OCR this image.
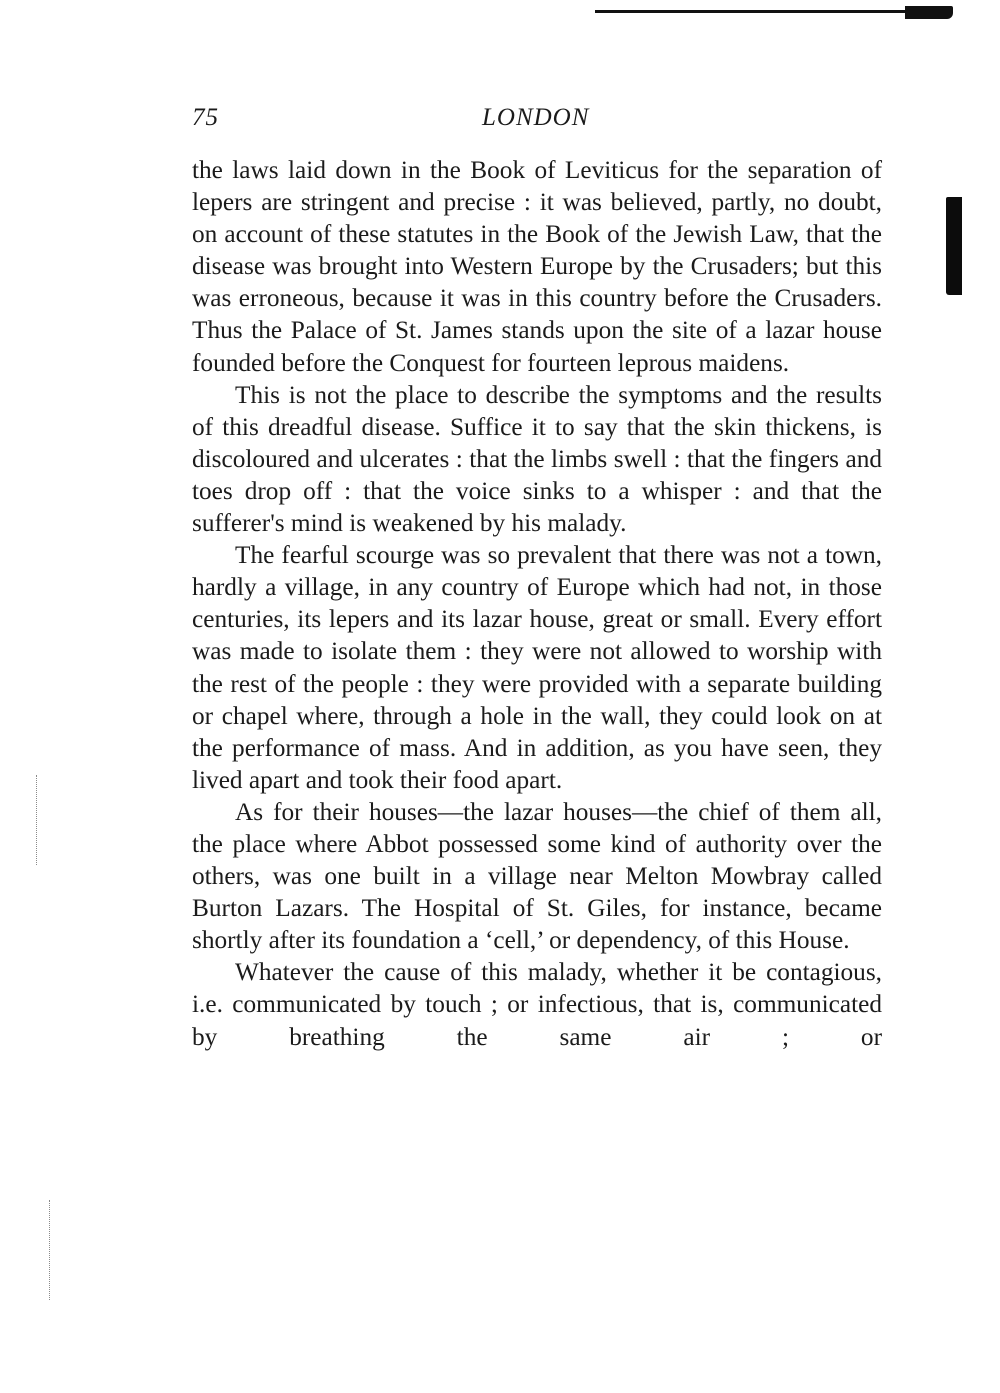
75	LONDON

the laws laid down in the Book of Leviticus for the separation of lepers are stringent and precise : it was believed, partly, no doubt, on account of these statutes in the Book of the Jewish Law, that the disease was brought into Western Europe by the Crusaders; but this was erroneous, because it was in this country before the Crusaders. Thus the Palace of St. James stands upon the site of a lazar house founded before the Conquest for fourteen leprous maidens.

This is not the place to describe the symptoms and the results of this dreadful disease. Suffice it to say that the skin thickens, is discoloured and ulcerates : that the limbs swell : that the fingers and toes drop off : that the voice sinks to a whisper : and that the sufferer's mind is weakened by his malady.

The fearful scourge was so prevalent that there was not a town, hardly a village, in any country of Europe which had not, in those centuries, its lepers and its lazar house, great or small. Every effort was made to isolate them : they were not allowed to worship with the rest of the people : they were provided with a separate building or chapel where, through a hole in the wall, they could look on at the performance of mass. And in addition, as you have seen, they lived apart and took their food apart.

As for their houses—the lazar houses—the chief of them all, the place where Abbot possessed some kind of authority over the others, was one built in a village near Melton Mowbray called Burton Lazars. The Hospital of St. Giles, for instance, became shortly after its foundation a ‘cell,’ or dependency, of this House.

Whatever the cause of this malady, whether it be contagious, i.e. communicated by touch ; or infectious, that is, communicated by breathing the same air ; or
